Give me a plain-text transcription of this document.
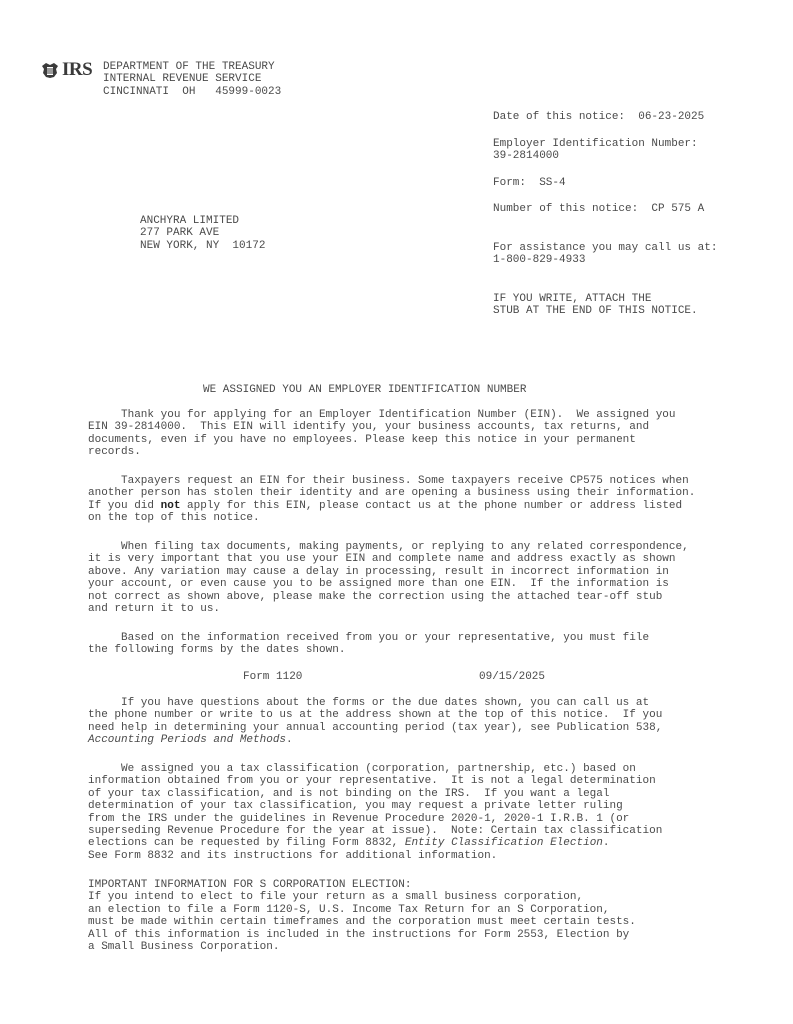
IRS DEPARTMENT OF THE TREASURY
INTERNAL REVENUE SERVICE
CINCINNATI  OH   45999-0023
Date of this notice:  06-23-2025
Employer Identification Number:
39-2814000
Form:  SS-4
Number of this notice:  CP 575 A
For assistance you may call us at:
1-800-829-4933
IF YOU WRITE, ATTACH THE
STUB AT THE END OF THIS NOTICE.
ANCHYRA LIMITED
277 PARK AVE
NEW YORK, NY  10172
WE ASSIGNED YOU AN EMPLOYER IDENTIFICATION NUMBER
Thank you for applying for an Employer Identification Number (EIN).  We assigned you
EIN 39-2814000.  This EIN will identify you, your business accounts, tax returns, and
documents, even if you have no employees. Please keep this notice in your permanent
records.
Taxpayers request an EIN for their business. Some taxpayers receive CP575 notices when
another person has stolen their identity and are opening a business using their information.
If you did not apply for this EIN, please contact us at the phone number or address listed
on the top of this notice.
When filing tax documents, making payments, or replying to any related correspondence,
it is very important that you use your EIN and complete name and address exactly as shown
above. Any variation may cause a delay in processing, result in incorrect information in
your account, or even cause you to be assigned more than one EIN.  If the information is
not correct as shown above, please make the correction using the attached tear-off stub
and return it to us.
Based on the information received from you or your representative, you must file
the following forms by the dates shown.
Form 1120	09/15/2025
If you have questions about the forms or the due dates shown, you can call us at
the phone number or write to us at the address shown at the top of this notice.  If you
need help in determining your annual accounting period (tax year), see Publication 538,
Accounting Periods and Methods.
We assigned you a tax classification (corporation, partnership, etc.) based on
information obtained from you or your representative.  It is not a legal determination
of your tax classification, and is not binding on the IRS.  If you want a legal
determination of your tax classification, you may request a private letter ruling
from the IRS under the guidelines in Revenue Procedure 2020-1, 2020-1 I.R.B. 1 (or
superseding Revenue Procedure for the year at issue).  Note: Certain tax classification
elections can be requested by filing Form 8832, Entity Classification Election.
See Form 8832 and its instructions for additional information.
IMPORTANT INFORMATION FOR S CORPORATION ELECTION:
If you intend to elect to file your return as a small business corporation,
an election to file a Form 1120-S, U.S. Income Tax Return for an S Corporation,
must be made within certain timeframes and the corporation must meet certain tests.
All of this information is included in the instructions for Form 2553, Election by
a Small Business Corporation.
